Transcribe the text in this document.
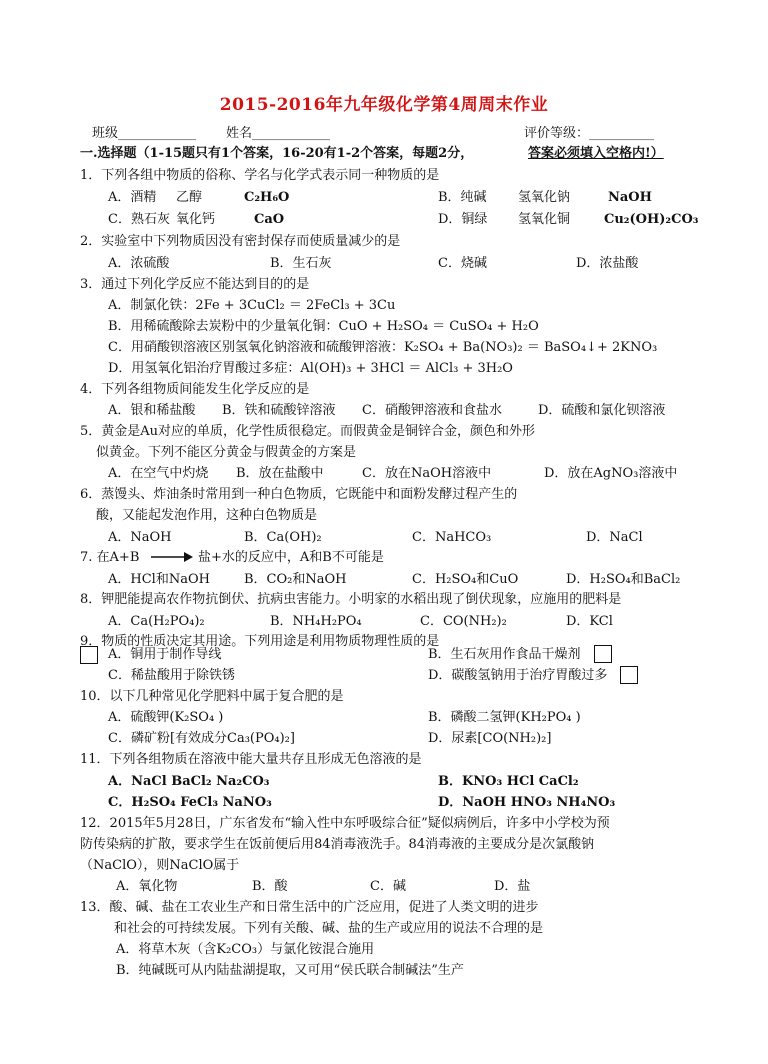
2015-2016年九年级化学第4周周末作业
班级____________ 姓名____________	评价等级：__________
一.选择题（1-15题只有1个答案，16-20有1-2个答案，每题2分，	答案必须填入空格内!）
1．下列各组中物质的俗称、学名与化学式表示同一种物质的是
A．酒精 乙醇	C₂H₆O	B．纯碱 氢氧化钠	NaOH
C．熟石灰 氧化钙	CaO	D．铜绿 氢氧化铜	Cu₂(OH)₂CO₃
2．实验室中下列物质因没有密封保存而使质量减少的是
A．浓硫酸	B．生石灰	C．烧碱	D．浓盐酸
3．通过下列化学反应不能达到目的的是
A．制氯化铁：2Fe + 3CuCl₂ ＝ 2FeCl₃ + 3Cu
B．用稀硫酸除去炭粉中的少量氧化铜：CuO + H₂SO₄ ＝ CuSO₄ + H₂O
C．用硝酸钡溶液区别氢氧化钠溶液和硫酸钾溶液：K₂SO₄ + Ba(NO₃)₂ ＝ BaSO₄↓+ 2KNO₃
D．用氢氧化铝治疗胃酸过多症：Al(OH)₃ + 3HCl ＝ AlCl₃ + 3H₂O
4．下列各组物质间能发生化学反应的是
A．银和稀盐酸 B．铁和硫酸锌溶液 C．硝酸钾溶液和食盐水	D．硫酸和氯化钡溶液
5．黄金是Au对应的单质，化学性质很稳定。而假黄金是铜锌合金，颜色和外形
似黄金。下列不能区分黄金与假黄金的方案是
A．在空气中灼烧 B．放在盐酸中	C．放在NaOH溶液中	D．放在AgNO₃溶液中
6．蒸馒头、炸油条时常用到一种白色物质，它既能中和面粉发酵过程产生的
酸，又能起发泡作用，这种白色物质是
A．NaOH	B．Ca(OH)₂	C．NaHCO₃	D．NaCl
7. 在A+B	盐+水的反应中，A和B不可能是
A．HCl和NaOH	B．CO₂和NaOH	C．H₂SO₄和CuO	D．H₂SO₄和BaCl₂
8．钾肥能提高农作物抗倒伏、抗病虫害能力。小明家的水稻出现了倒伏现象，应施用的肥料是
A．Ca(H₂PO₄)₂	B．NH₄H₂PO₄	C．CO(NH₂)₂	D．KCl
9．物质的性质决定其用途。下列用途是利用物质物理性质的是
A．铜用于制作导线	B．生石灰用作食品干燥剂
C．稀盐酸用于除铁锈	D．碳酸氢钠用于治疗胃酸过多
10．以下几种常见化学肥料中属于复合肥的是
A．硫酸钾(K₂SO₄ )	B．磷酸二氢钾(KH₂PO₄ )
C．磷矿粉[有效成分Ca₃(PO₄)₂]	D．尿素[CO(NH₂)₂]
11．下列各组物质在溶液中能大量共存且形成无色溶液的是
A．NaCl BaCl₂ Na₂CO₃	B．KNO₃ HCl CaCl₂
C．H₂SO₄ FeCl₃ NaNO₃	D．NaOH HNO₃ NH₄NO₃
12．2015年5月28日，广东省发布“输入性中东呼吸综合征”疑似病例后，许多中小学校为预
防传染病的扩散，要求学生在饭前便后用84消毒液洗手。84消毒液的主要成分是次氯酸钠
（NaClO），则NaClO属于
A．氧化物	B．酸	C．碱	D．盐
13．酸、碱、盐在工农业生产和日常生活中的广泛应用，促进了人类文明的进步
和社会的可持续发展。下列有关酸、碱、盐的生产或应用的说法不合理的是
A．将草木灰（含K₂CO₃）与氯化铵混合施用
B．纯碱既可从内陆盐湖提取，又可用“侯氏联合制碱法”生产
